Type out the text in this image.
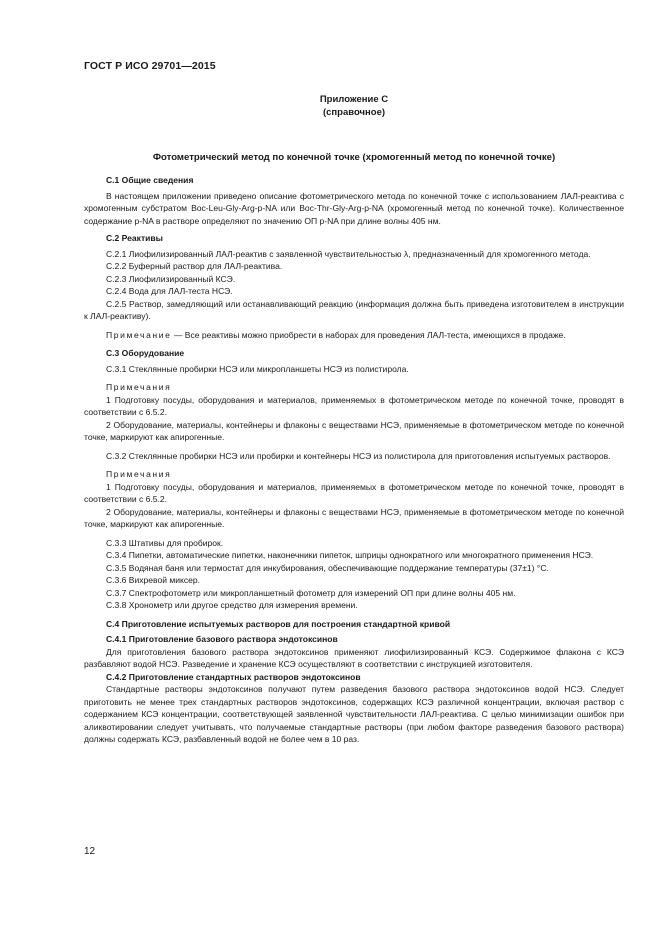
ГОСТ Р ИСО 29701—2015
Приложение С
(справочное)
Фотометрический метод по конечной точке (хромогенный метод по конечной точке)

С.1 Общие сведения

В настоящем приложении приведено описание фотометрического метода по конечной точке с использованием ЛАЛ-реактива с хромогенным субстратом Boc-Leu-Gly-Arg-p-NA или Boc-Thr-Gly-Arg-p-NA (хромогенный метод по конечной точке). Количественное содержание p-NA в растворе определяют по значению ОП p-NA при длине волны 405 нм.

С.2 Реактивы

С.2.1 Лиофилизированный ЛАЛ-реактив с заявленной чувствительностью λ, предназначенный для хромогенного метода.

С.2.2 Буферный раствор для ЛАЛ-реактива.

С.2.3 Лиофилизированный КСЭ.

С.2.4 Вода для ЛАЛ-теста НСЭ.

С.2.5 Раствор, замедляющий или останавливающий реакцию (информация должна быть приведена изготовителем в инструкции к ЛАЛ-реактиву).

Примечание — Все реактивы можно приобрести в наборах для проведения ЛАЛ-теста, имеющихся в продаже.

С.3 Оборудование

С.3.1 Стеклянные пробирки НСЭ или микропланшеты НСЭ из полистирола.

Примечания

1 Подготовку посуды, оборудования и материалов, применяемых в фотометрическом методе по конечной точке, проводят в соответствии с 6.5.2.

2 Оборудование, материалы, контейнеры и флаконы с веществами НСЭ, применяемые в фотометрическом методе по конечной точке, маркируют как апирогенные.

С.3.2 Стеклянные пробирки НСЭ или пробирки и контейнеры НСЭ из полистирола для приготовления испытуемых растворов.

Примечания

1 Подготовку посуды, оборудования и материалов, применяемых в фотометрическом методе по конечной точке, проводят в соответствии с 6.5.2.

2 Оборудование, материалы, контейнеры и флаконы с веществами НСЭ, применяемые в фотометрическом методе по конечной точке, маркируют как апирогенные.

С.3.3 Штативы для пробирок.

С.3.4 Пипетки, автоматические пипетки, наконечники пипеток, шприцы однократного или многократного применения НСЭ.

С.3.5 Водяная баня или термостат для инкубирования, обеспечивающие поддержание температуры (37±1) °С.

С.3.6 Вихревой миксер.

С.3.7 Спектрофотометр или микропланшетный фотометр для измерений ОП при длине волны 405 нм.

С.3.8 Хронометр или другое средство для измерения времени.

С.4 Приготовление испытуемых растворов для построения стандартной кривой

С.4.1 Приготовление базового раствора эндотоксинов

Для приготовления базового раствора эндотоксинов применяют лиофилизированный КСЭ. Содержимое флакона с КСЭ разбавляют водой НСЭ. Разведение и хранение КСЭ осуществляют в соответствии с инструкцией изготовителя.

С.4.2 Приготовление стандартных растворов эндотоксинов

Стандартные растворы эндотоксинов получают путем разведения базового раствора эндотоксинов водой НСЭ. Следует приготовить не менее трех стандартных растворов эндотоксинов, содержащих КСЭ различной концентрации, включая раствор с содержанием КСЭ концентрации, соответствующей заявленной чувствительности ЛАЛ-реактива. С целью минимизации ошибок при аликвотировании следует учитывать, что получаемые стандартные растворы (при любом факторе разведения базового раствора) должны содержать КСЭ, разбавленный водой не более чем в 10 раз.

12
